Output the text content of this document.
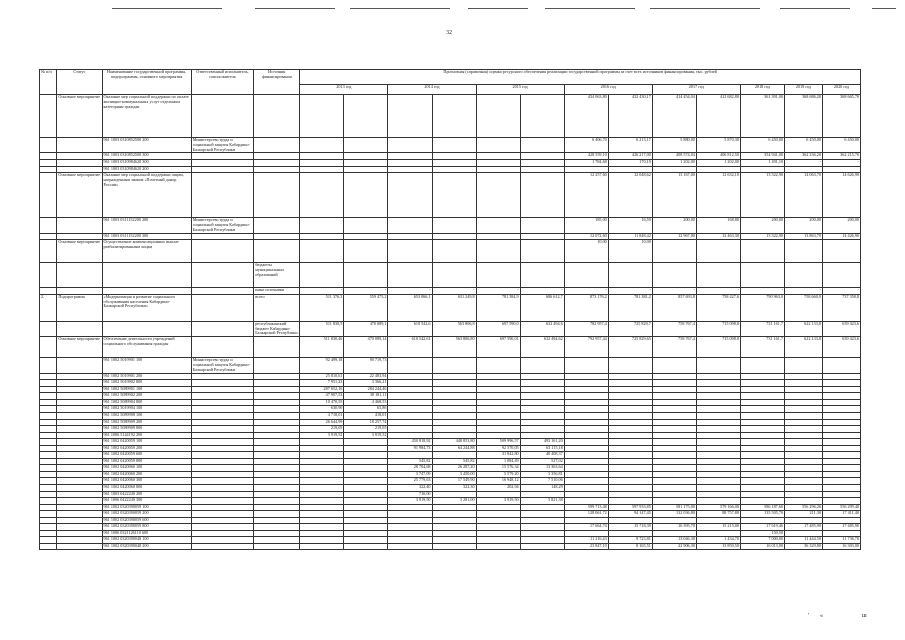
32
№ п/п	Статус	Наименование государственной программы, подпрограммы, основного мероприятия	Ответственный исполнитель, соисполнитель	Источник финансирования	Прогнозная (справочная) оценка ресурсного обеспечения реализации государственной программы за счет всех источников финансирования, тыс. рублей												
					2013 год		2014 год		2015 год		2016 год		2017 год		2018 год	2019 год	2020 год
	Основное мероприятие	Оказание мер социальной поддержки по оплате жилищно-коммунальных услуг отдельным категориям граждан									434 063,80	432 430,17	414 454,04	412 682,80	361 391,00	368 686,20	368 665,70
		961 1003 0310852500 200	Министерство труда и социальной защиты Кабардино-Балкарской Республики								6 406,70	6 213,17	5 880,00	5 870,30	6 450,00	6 450,00	6 450,00
		961 1003 0310852500 300									428 559,10	426 217,00	408 574,04	406 812,50	354 941,00	362 236,20	362 215,70
		961 1003 0310984620 300									1 784,68	170,19	1 202,00	1 202,00	1 491,10	-	-
		961 1003 0310984620 200															
	Основное мероприятие	Оказание мер социальной поддержки лицам, награжденным знаком «Почетный донор России»									12 257,60	12 048,62	13 167,00	12 632,10	13 522,90	14 063,70	14 626,90
		961 1003 0311152200 200	Министерство труда и социальной защиты Кабардино-Балкарской Республики								185,00	16,59	200,00	168,80	200,00	200,00	200,00
		961 1003 0311152200 300									12 072,60	11 848,42	12 967,00	12 463,30	13 322,90	13 863,70	14 426,90
	Основное мероприятие	Осуществление компенсационных выплат реабилитированным лицам									10,00	10,00					
				бюджеты муниципальных образований													
				иные источники	-	-	-	-	-	-	-	-	-	-	-	-	-
2.	Подпрограмма	«Модернизация и развитие социального обслуживания населения Кабардино-Балкарской Республики»		всего	511 376,3	559 475,2	653 066,1	631 249,8	781 384,9	686 612,7	873 176,2	781 381,2	857 693,8	758 427,6	790 963,0	758 660,9	737 358,8
				республиканский бюджет Кабардино-Балкарской Республики	511 830,5	470 089,1	610 542,6	563 806,8	697 590,0	632 494,6	782 957,4	725 829,7	758 767,4	715 098,8	731 161,7	622 133,8	639 423,6
	Основное мероприятие	Обеспечение деятельности учреждений социального обслуживания граждан			511 830,46	470 089,14	610 542,61	563 806,80	697 590,01	632 494,62	792 957,44	725 829,65	758 767,4	715 098,8	731 161,7	622 133,8	639 423,6
		961 1002 5019901 100	Министерство труда и социальной защиты Кабардино-Балкарской Республики		92 499,18	90 719,73											
		961 1002 5019901 200			25 810,61	22 483,94											
		961 1002 5019902 800			7 951,23	3 366,21											
		961 1002 5089901 100			287 652,16	284 244,46											
		961 1002 5089902 200			47 907,53	38 181,11											
		961 1002 5089904 800			10 470,55	4 468,53											
		961 1002 5019904 100			630,90	65,86											
		961 1002 5089908 100			4 718,01	418,01											
		961 1002 5089909 200			26 644,99	18 257,74											
		961 1002 5089909 800			219,05	219,05											
		961 1006 5144192 200			3 919,52	3 919,52											
		961 1002 0420059 100					450 818,92	448 853,80	509 996,57	493 161,20							
		961 1002 0420059 200					91 984,73	64 244,88	92 570,05	63 115,18							
		961 1002 0420059 600							31 842,80	40 408,37							
		961 1002 0420059 800					545,82	545,82	1 084,49	527,02							
		961 1002 0420060 100					28 704,68	26 287,20	15 576,34	13 363,64							
		961 1002 0420060 200					3 747,09	3 450,00	5 579,20	3 356,81							
		961 1002 0420060 300					25 779,63	17 549,90	16 948,12	7 510,06							
		961 1002 0420060 800					322,40	322,30	202,94	148,29							
		961 1003 0422240 200					710,00										
		961 1006 0422240 300					3 919,50	3 281,00	3 919,50	3 821,38							
		961 1002 0320390059 100									599 713,48	597 933,85	581 175,00	579 166,00	586 187,60	556 296,26	556 299,40
		961 1002 0320390059 200									128 061,72	94 147,45	132 036,80	88 757,80	135 505,70	211,30	17 411,40
		961 1002 0320390059 600															
		961 1002 0320390059 800									17 664,74	15 718,39	16 395,70	15 215,00	17 619,46	17 485,90	17 485,90
		961 1006 0321126110 600													150,50		
		961 1002 0320390048 100									11 216,43	9 723,81	13 046,30	1 434,70	7 000,00	11 444,50	11 736,70
		961 1002 0320390048 200									23 847,10	8 165,51	22 906,30	13 850,50	16 013,00	36 329,80	16 303,00
' «	ш
